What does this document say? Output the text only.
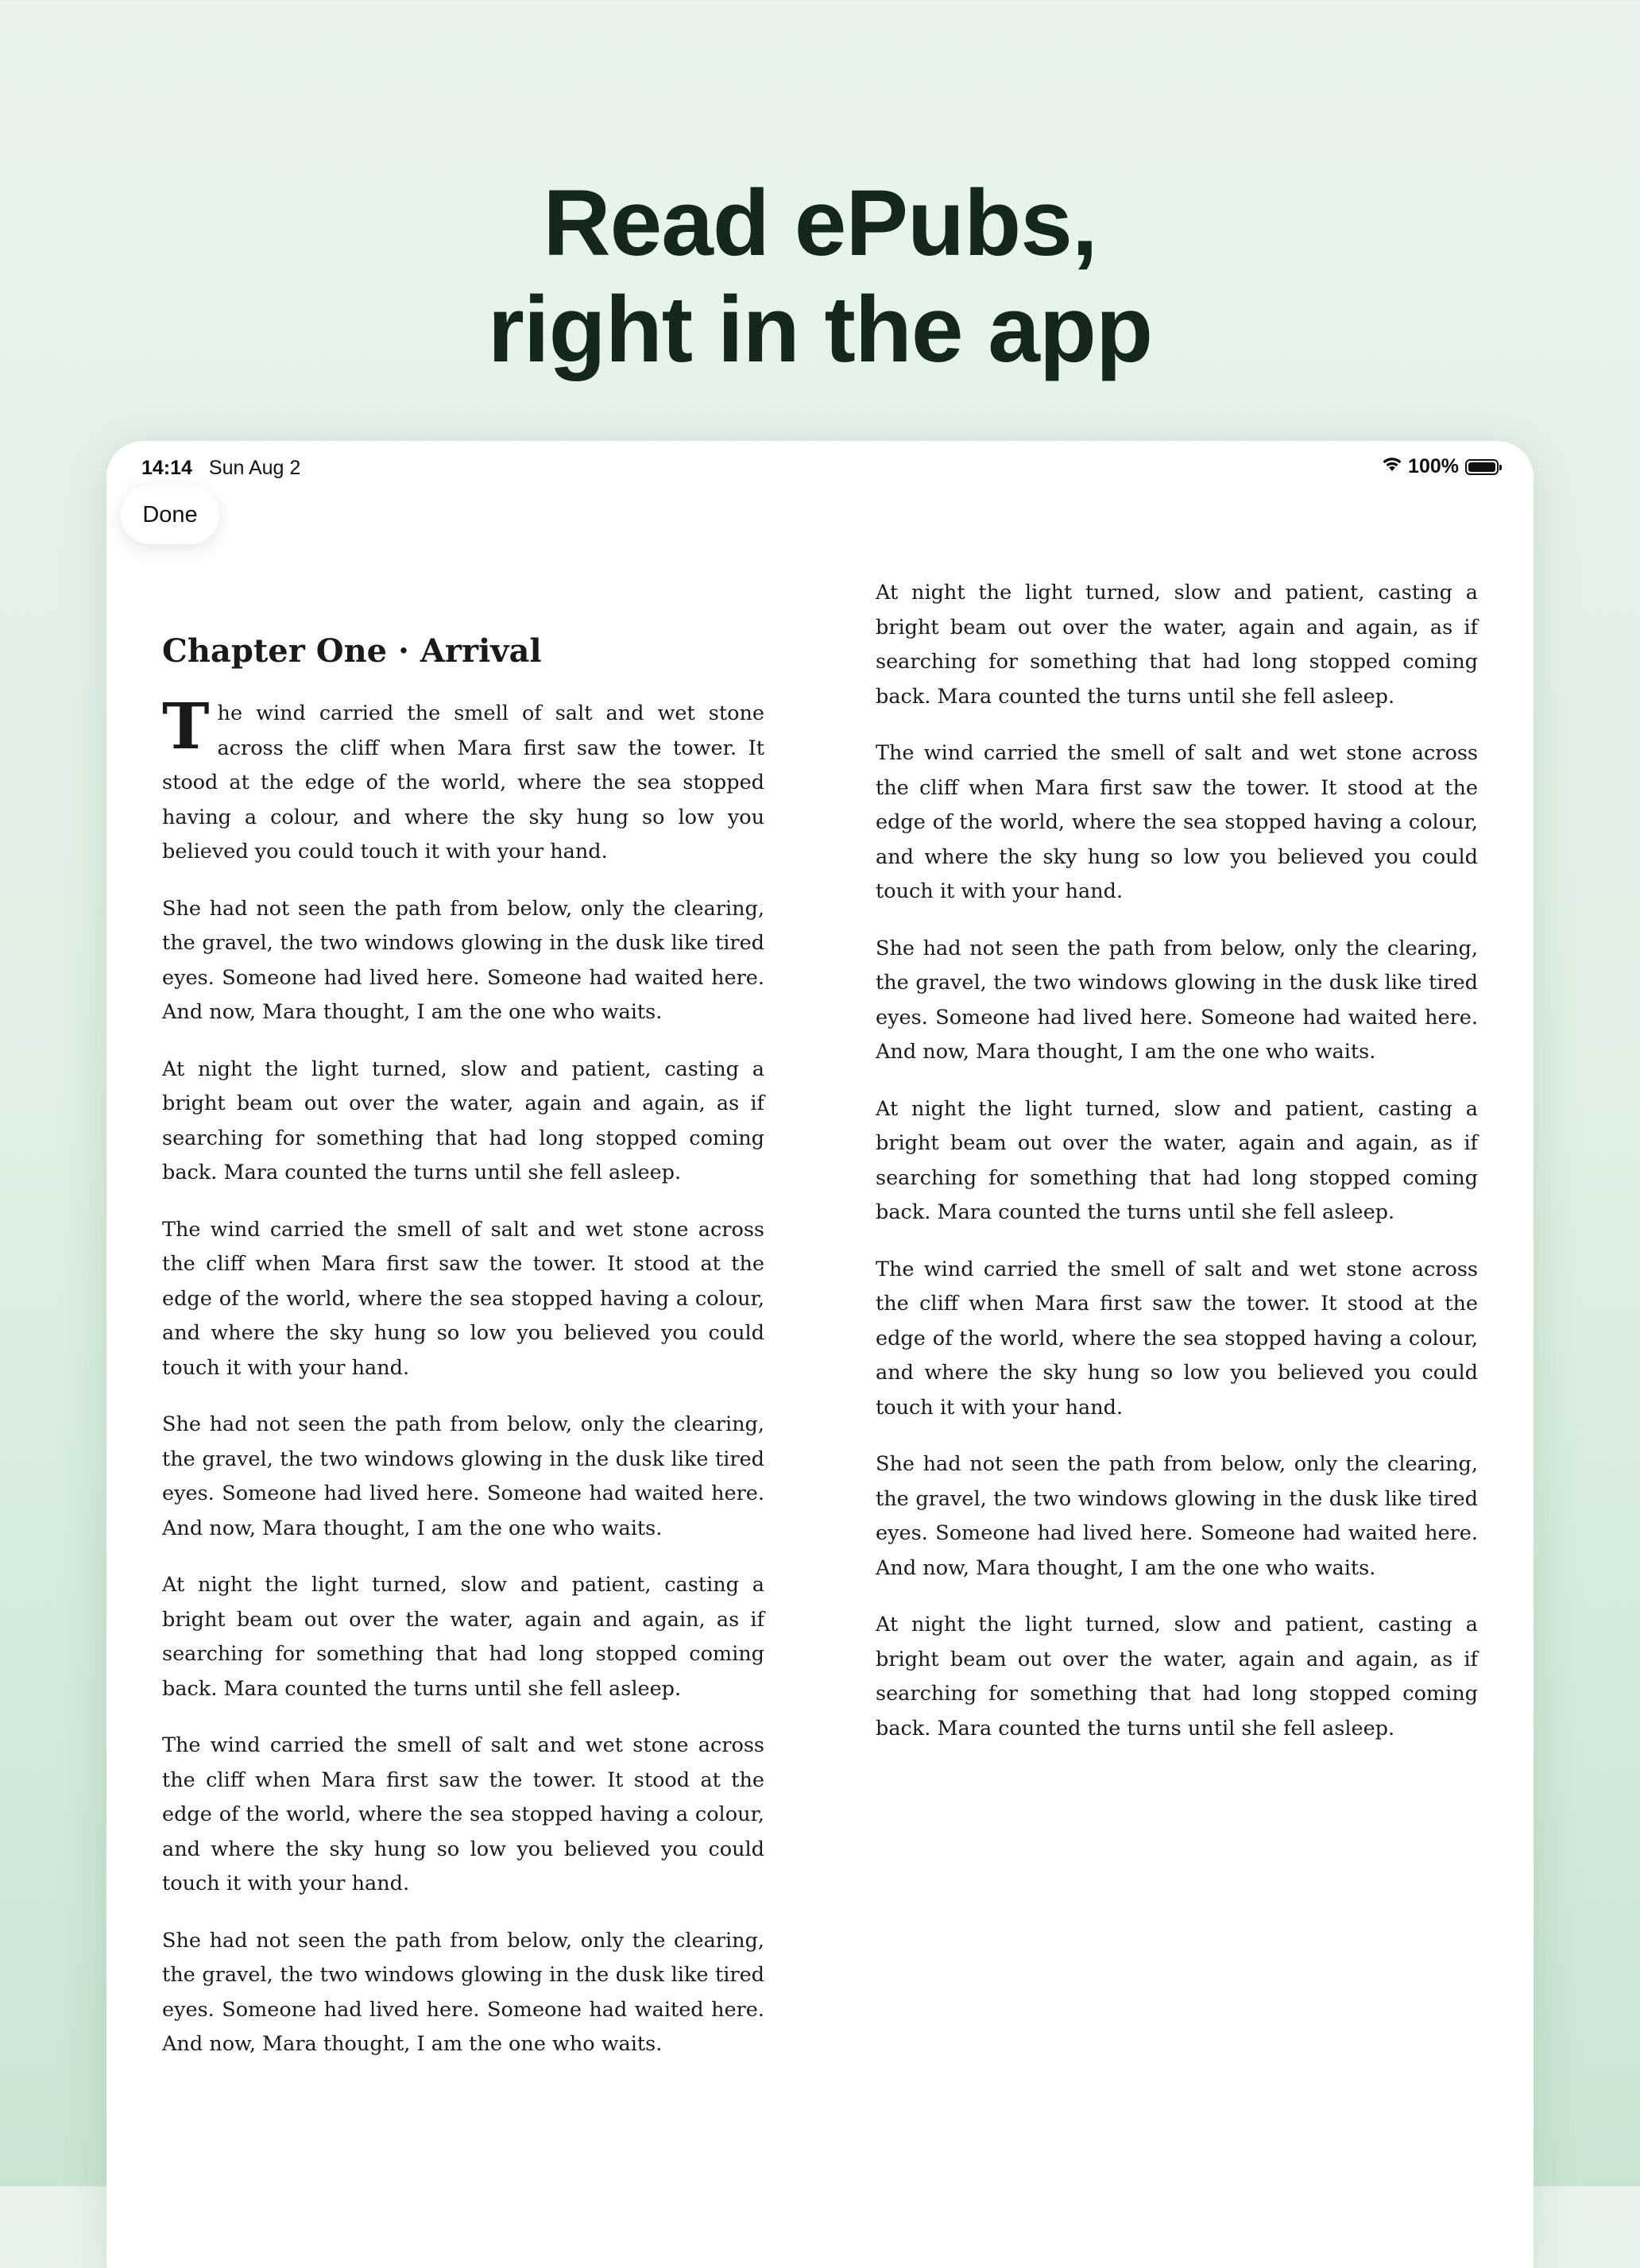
Read ePubs,
right in the app
14:14 Sun Aug 2	100%
Done
Chapter One · Arrival

The wind carried the smell of salt and wet stone across the cliff when Mara first saw the tower. It stood at the edge of the world, where the sea stopped having a colour, and where the sky hung so low you believed you could touch it with your hand.

She had not seen the path from below, only the clearing, the gravel, the two windows glowing in the dusk like tired eyes. Someone had lived here. Someone had waited here. And now, Mara thought, I am the one who waits.

At night the light turned, slow and patient, casting a bright beam out over the water, again and again, as if searching for something that had long stopped coming back. Mara counted the turns until she fell asleep.

The wind carried the smell of salt and wet stone across the cliff when Mara first saw the tower. It stood at the edge of the world, where the sea stopped having a colour, and where the sky hung so low you believed you could touch it with your hand.

She had not seen the path from below, only the clearing, the gravel, the two windows glowing in the dusk like tired eyes. Someone had lived here. Someone had waited here. And now, Mara thought, I am the one who waits.

At night the light turned, slow and patient, casting a bright beam out over the water, again and again, as if searching for something that had long stopped coming back. Mara counted the turns until she fell asleep.

The wind carried the smell of salt and wet stone across the cliff when Mara first saw the tower. It stood at the edge of the world, where the sea stopped having a colour, and where the sky hung so low you believed you could touch it with your hand.

She had not seen the path from below, only the clearing, the gravel, the two windows glowing in the dusk like tired eyes. Someone had lived here. Someone had waited here. And now, Mara thought, I am the one who waits.

At night the light turned, slow and patient, casting a bright beam out over the water, again and again, as if searching for something that had long stopped coming back. Mara counted the turns until she fell asleep.

The wind carried the smell of salt and wet stone across the cliff when Mara first saw the tower. It stood at the edge of the world, where the sea stopped having a colour, and where the sky hung so low you believed you could touch it with your hand.

She had not seen the path from below, only the clearing, the gravel, the two windows glowing in the dusk like tired eyes. Someone had lived here. Someone had waited here. And now, Mara thought, I am the one who waits.

At night the light turned, slow and patient, casting a bright beam out over the water, again and again, as if searching for something that had long stopped coming back. Mara counted the turns until she fell asleep.

The wind carried the smell of salt and wet stone across the cliff when Mara first saw the tower. It stood at the edge of the world, where the sea stopped having a colour, and where the sky hung so low you believed you could touch it with your hand.

She had not seen the path from below, only the clearing, the gravel, the two windows glowing in the dusk like tired eyes. Someone had lived here. Someone had waited here. And now, Mara thought, I am the one who waits.

At night the light turned, slow and patient, casting a bright beam out over the water, again and again, as if searching for something that had long stopped coming back. Mara counted the turns until she fell asleep.
